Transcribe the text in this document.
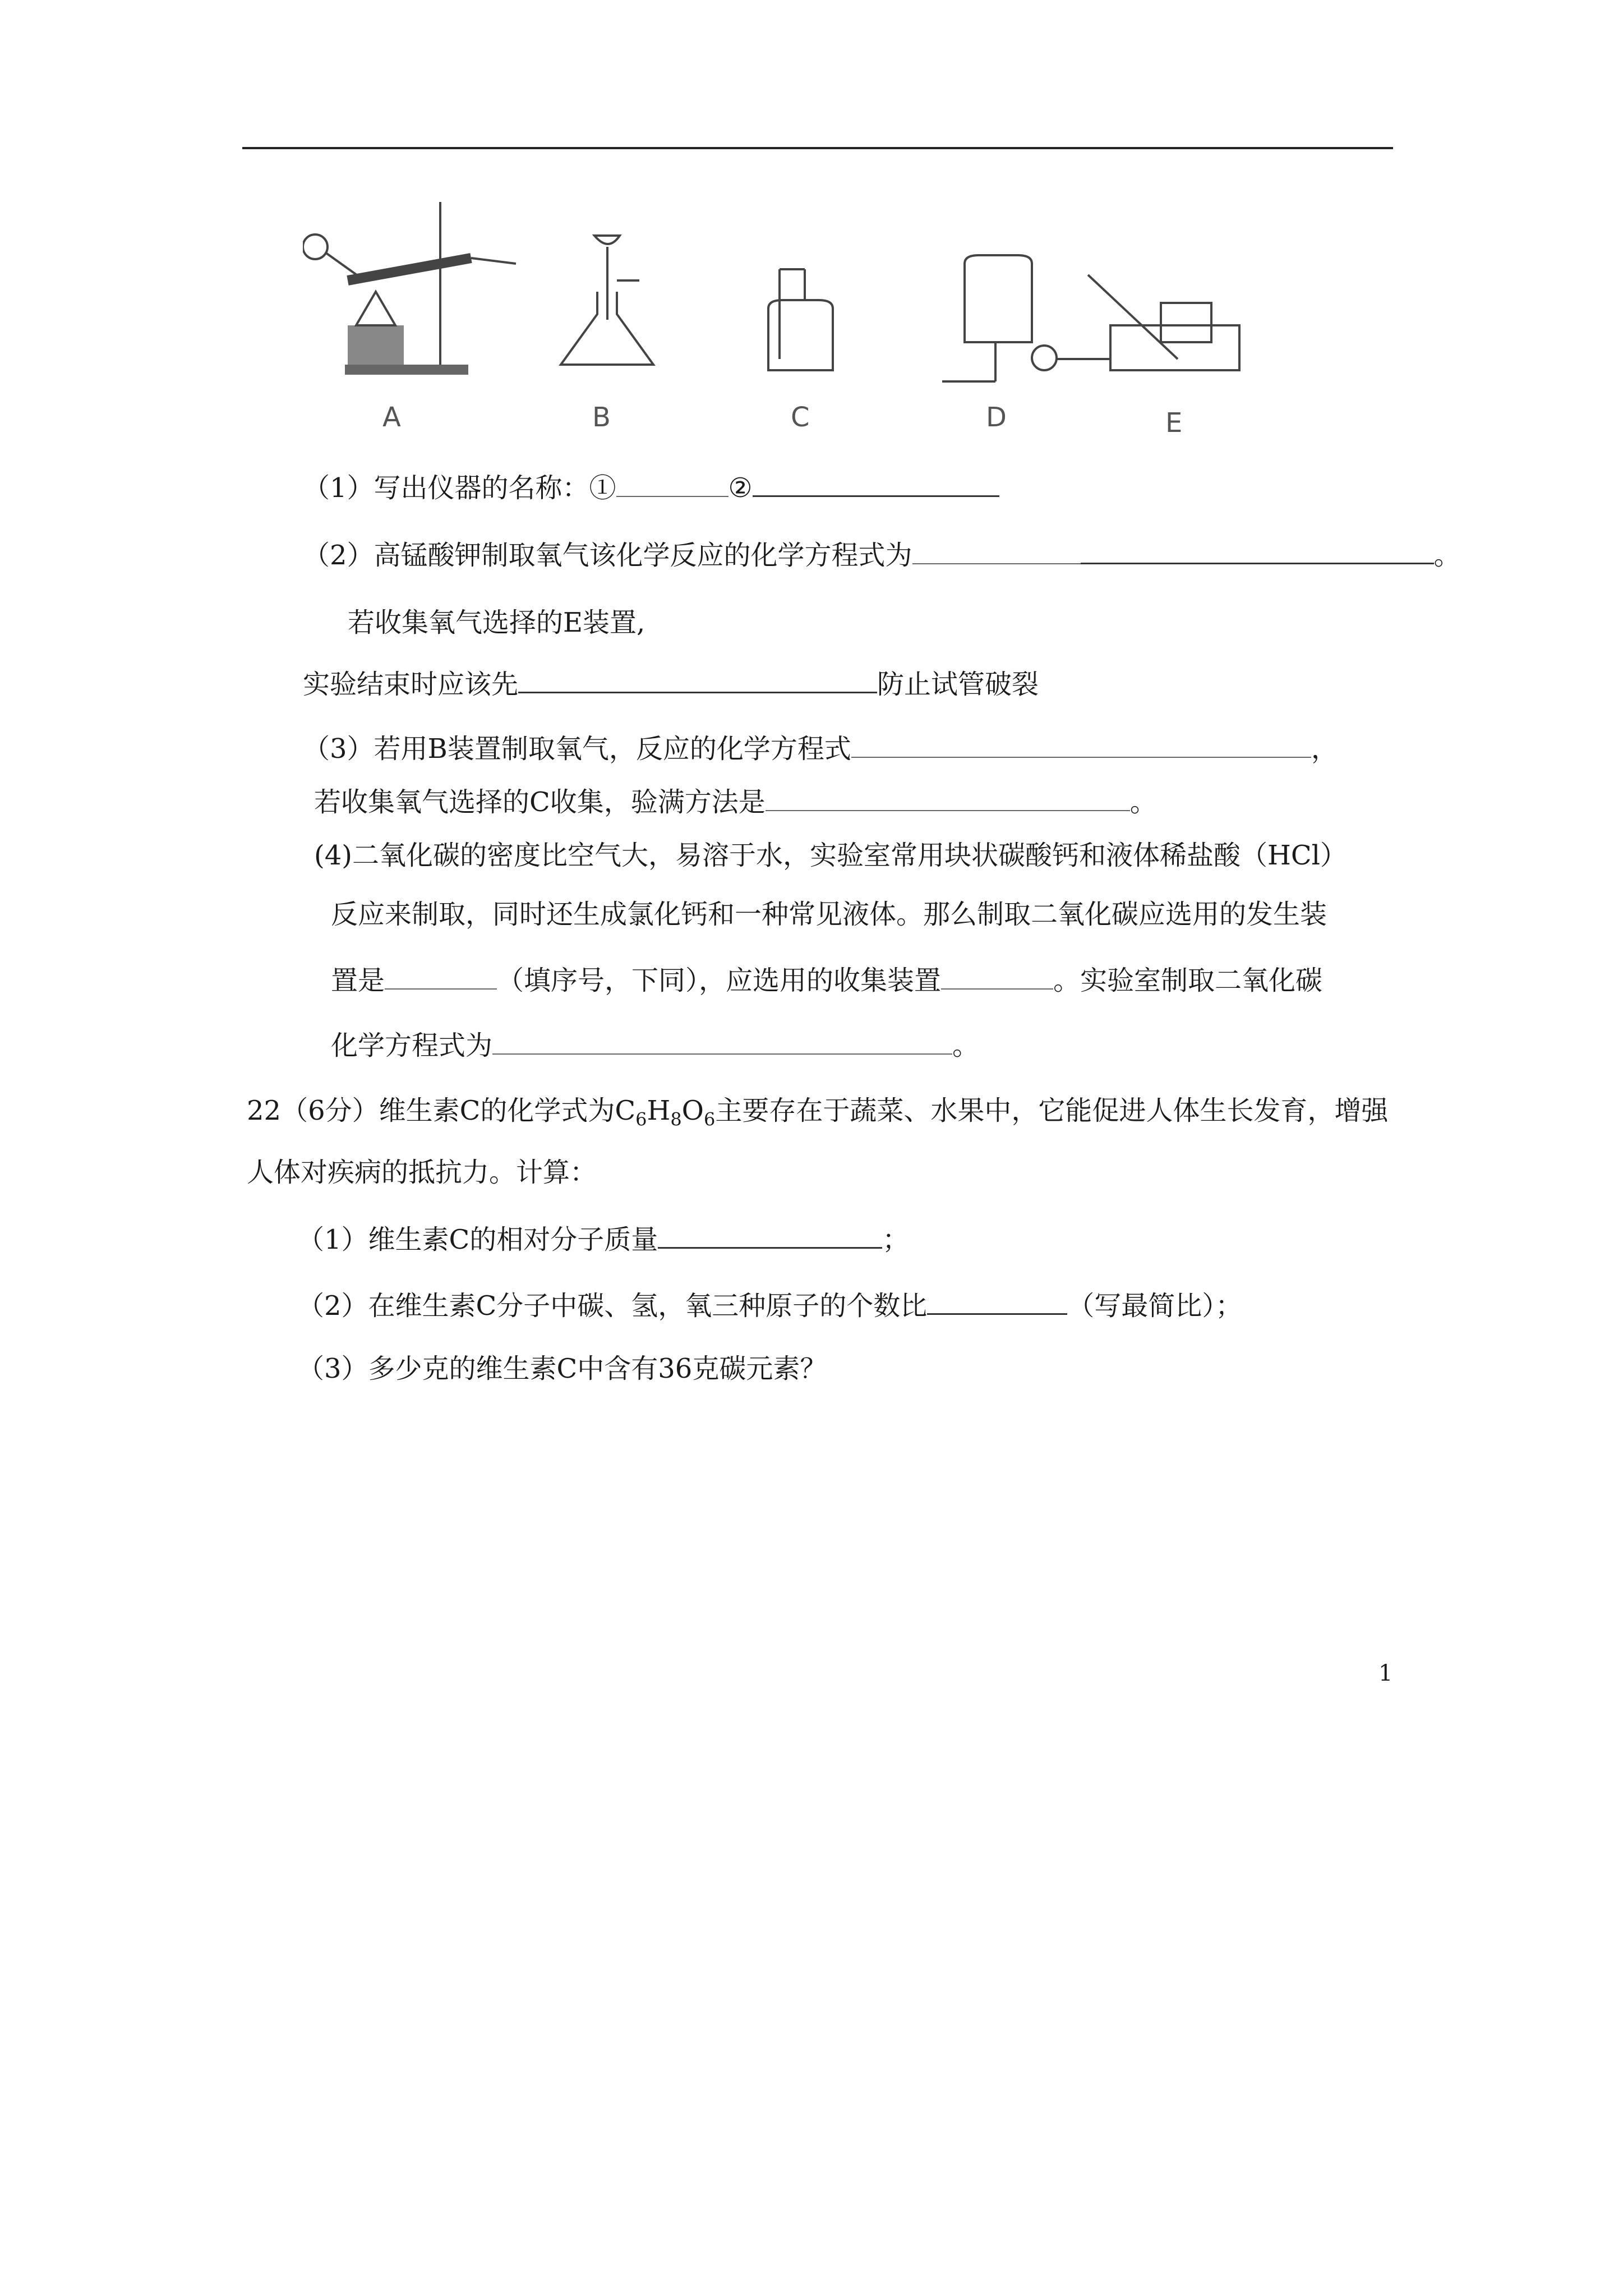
A	B	C	D	E
（1）写出仪器的名称：①	②
（2）高锰酸钾制取氧气该化学反应的化学方程式为	。
若收集氧气选择的E装置,
实验结束时应该先	防止试管破裂
（3）若用B装置制取氧气，反应的化学方程式	，
若收集氧气选择的C收集，验满方法是	。
(4)二氧化碳的密度比空气大，易溶于水，实验室常用块状碳酸钙和液体稀盐酸（HCl）
反应来制取，同时还生成氯化钙和一种常见液体。那么制取二氧化碳应选用的发生装
置是	（填序号，下同），应选用的收集装置	。实验室制取二氧化碳
化学方程式为	。
22（6分）维生素C的化学式为$C_6H_8O_6$主要存在于蔬菜、水果中，它能促进人体生长发育，增强
人体对疾病的抵抗力。计算：
（1）维生素C的相对分子质量	；
（2）在维生素C分子中碳、氢，氧三种原子的个数比	（写最简比）；
（3）多少克的维生素C中含有36克碳元素？
1
